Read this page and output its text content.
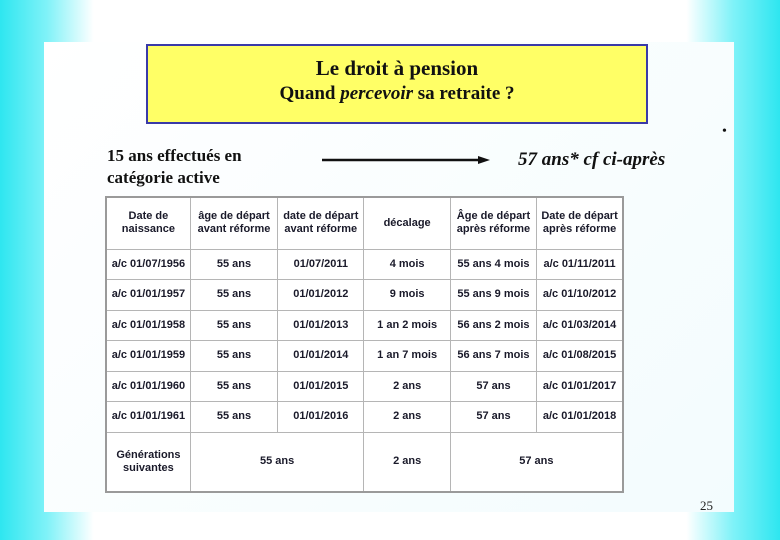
Le droit à pension
Quand percevoir sa retraite ?
•
15 ans effectués en catégorie active
57 ans* cf ci-après
Date de naissance	âge de départ avant réforme	date de départ avant réforme	décalage	Âge de départ après réforme	Date de départ après réforme
a/c 01/07/1956	55 ans	01/07/2011	4 mois	55 ans 4 mois	a/c 01/11/2011
a/c 01/01/1957	55 ans	01/01/2012	9 mois	55 ans 9 mois	a/c 01/10/2012
a/c 01/01/1958	55 ans	01/01/2013	1 an 2 mois	56 ans 2 mois	a/c 01/03/2014
a/c 01/01/1959	55 ans	01/01/2014	1 an 7 mois	56 ans 7 mois	a/c 01/08/2015
a/c 01/01/1960	55 ans	01/01/2015	2 ans	57 ans	a/c 01/01/2017
a/c 01/01/1961	55 ans	01/01/2016	2 ans	57 ans	a/c 01/01/2018
Générations suivantes	55 ans		2 ans	57 ans	
25
